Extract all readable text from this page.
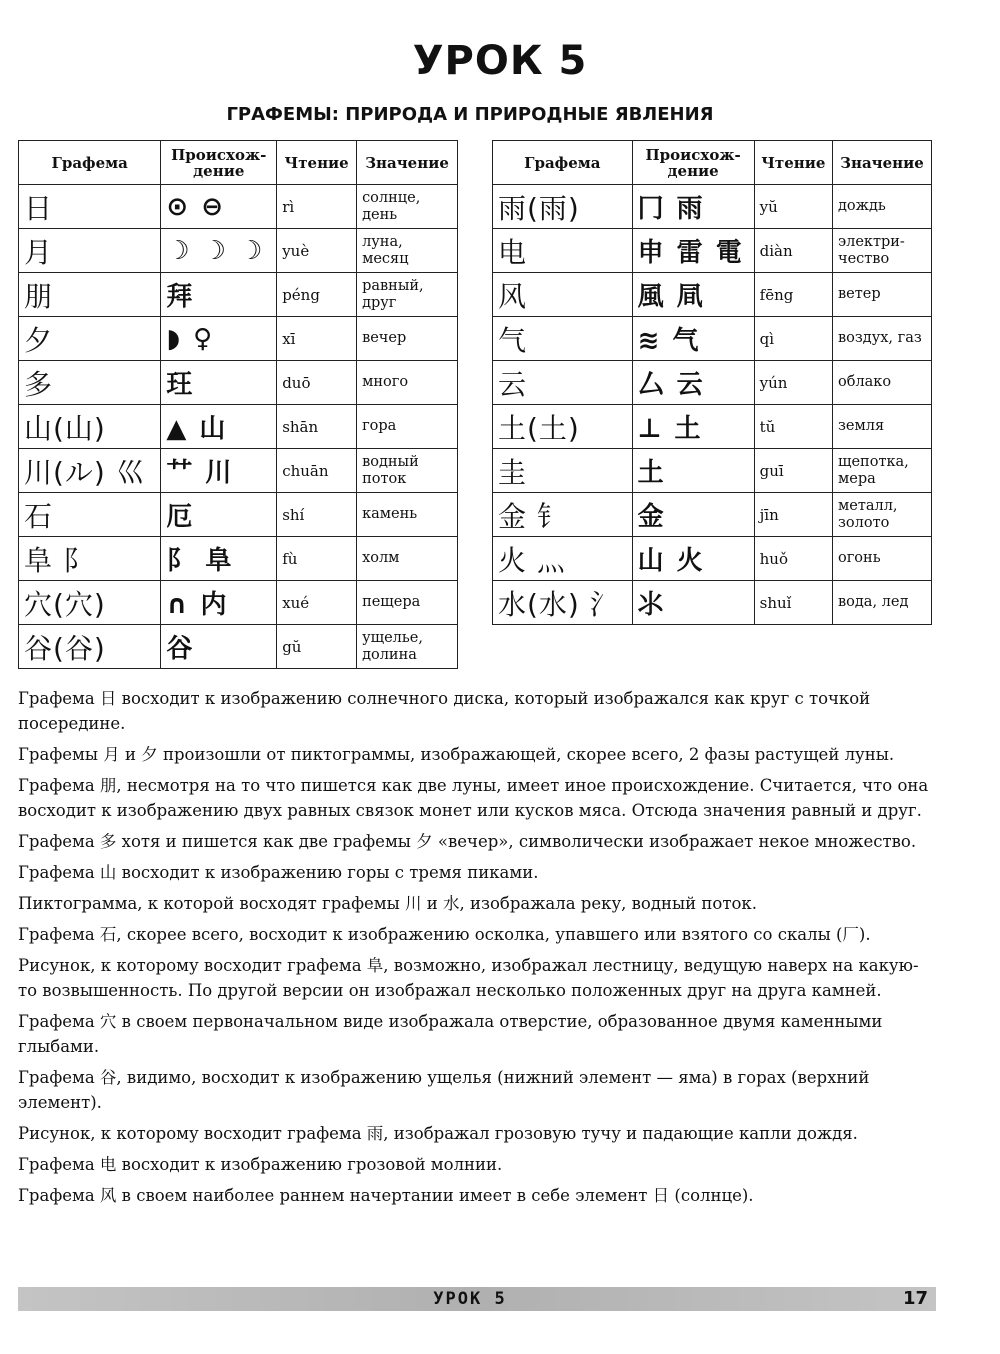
УРОК 5
ГРАФЕМЫ: ПРИРОДА И ПРИРОДНЫЕ ЯВЛЕНИЯ
Графема	Происхож-дение	Чтение	Значение
日	⊙ ⊖	rì	солнце, день
月	☽ ☽ ☽	yuè	луна, месяц
朋	拜	péng	равный, друг
夕	◗ ♀	xī	вечер
多	玨	duō	много
山(山)	▲ 山	shān	гора
川(ル) 巛	⺿ 川	chuān	водный поток
石	厄	shí	камень
阜 阝	阝 阜	fù	холм
穴(穴)	∩ 内	xué	пещера
谷(谷)	谷	gŭ	ущелье, долина
Графема	Происхож-дение	Чтение	Значение
雨(雨)	冂 雨	yŭ	дождь
电	申 雷 電	diàn	электри-чество
风	風 凬	fēng	ветер
气	≋ 气	qì	воздух, газ
云	⼛ 云	yún	облако
土(土)	⊥ 土	tŭ	земля
圭	土	guī	щепотка, мера
金 钅	金	jīn	металл, золото
火 灬	⼭ 火	huǒ	огонь
水(水) 氵	⺢	shuǐ	вода, лед

Графема 日 восходит к изображению солнечного диска, который изображался как круг с точкой посередине.

Графемы 月 и 夕 произошли от пиктограммы, изображающей, скорее всего, 2 фазы растущей луны.

Графема 朋, несмотря на то что пишется как две луны, имеет иное происхождение. Считается, что она восходит к изображению двух равных связок монет или кусков мяса. Отсюда значения равный и друг.

Графема 多 хотя и пишется как две графемы 夕 «вечер», символически изображает некое множество.

Графема 山 восходит к изображению горы с тремя пиками.

Пиктограмма, к которой восходят графемы 川 и 水, изображала реку, водный поток.

Графема 石, скорее всего, восходит к изображению осколка, упавшего или взятого со скалы (厂).

Рисунок, к которому восходит графема 阜, возможно, изображал лестницу, ведущую наверх на какую-то возвышенность. По другой версии он изображал несколько положенных друг на друга камней.

Графема 穴 в своем первоначальном виде изображала отверстие, образованное двумя каменными глыбами.

Графема 谷, видимо, восходит к изображению ущелья (нижний элемент — яма) в горах (верхний элемент).

Рисунок, к которому восходит графема 雨, изображал грозовую тучу и падающие капли дождя.

Графема 电 восходит к изображению грозовой молнии.

Графема 风 в своем наиболее раннем начертании имеет в себе элемент 日 (солнце).

УРОК 5	17
